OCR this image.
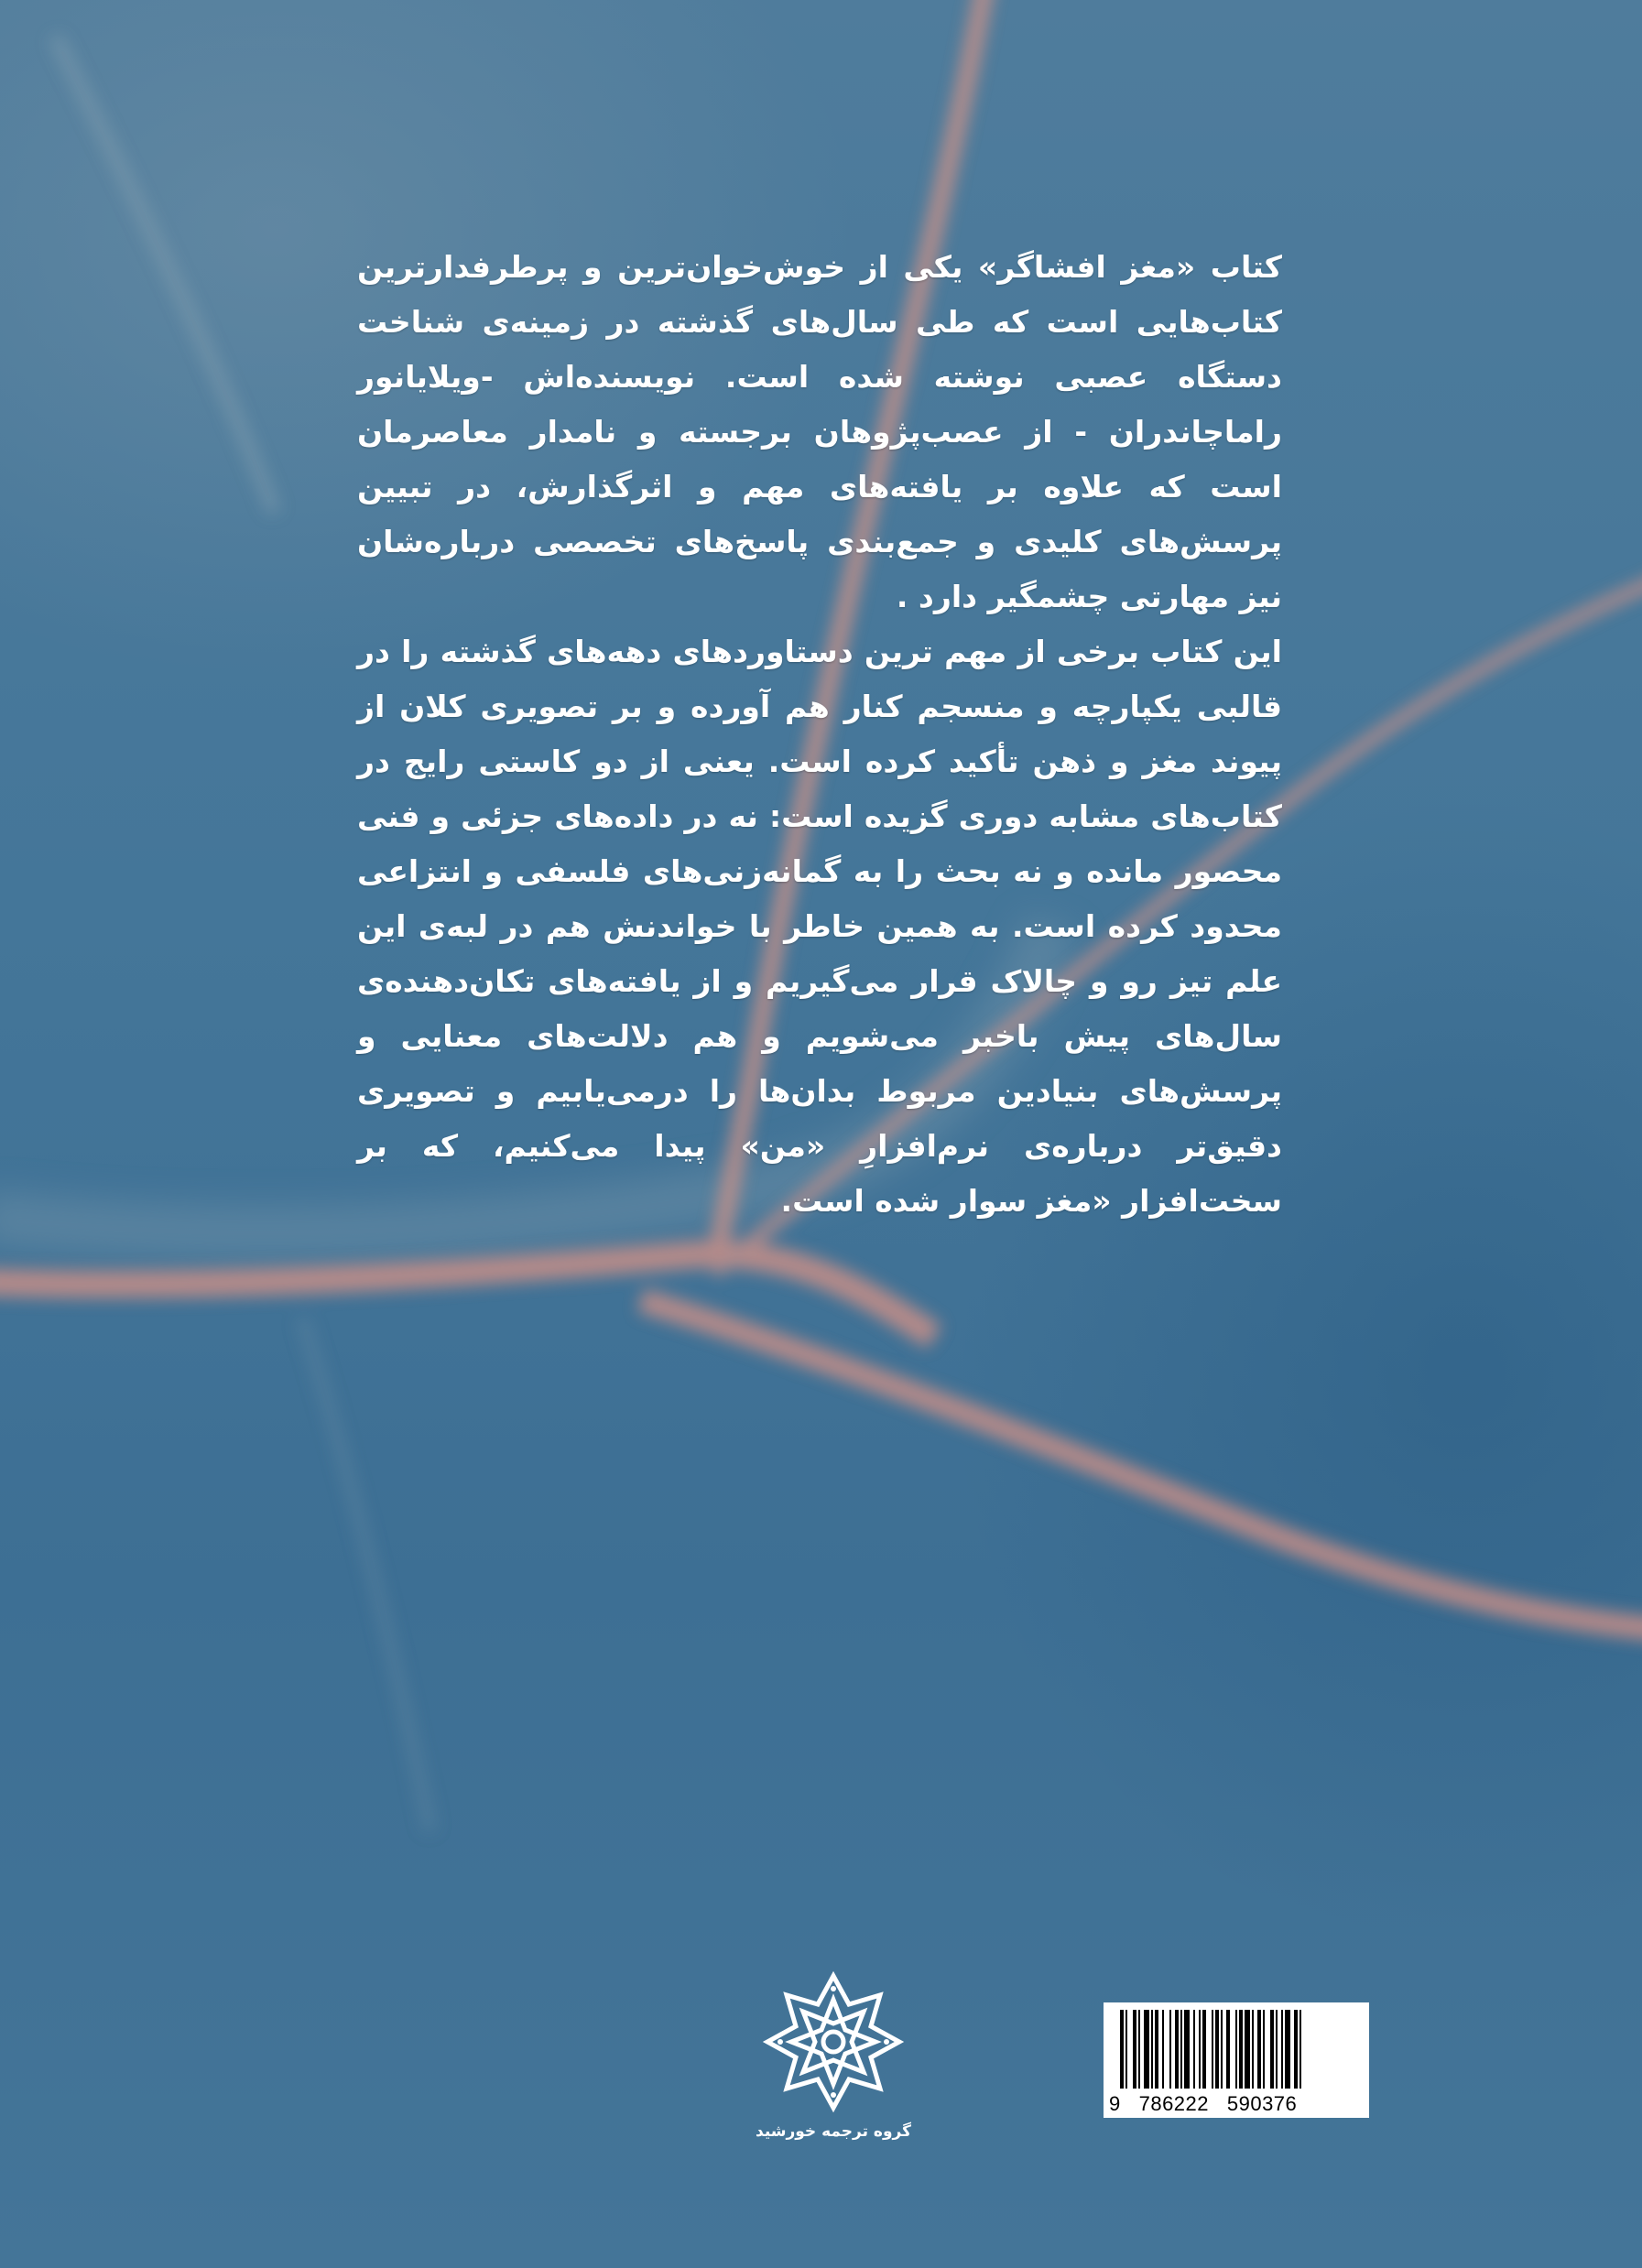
کتاب «مغز افشاگر» یکی از خوش‌خوان‌ترین و پرطرفدارترین کتاب‌هایی است که طی سال‌های گذشته در زمینه‌ی شناخت دستگاه عصبی نوشته شده است. نویسنده‌اش -ویلایانور راماچاندران - از عصب‌پژوهان برجسته و نامدار معاصرمان است که علاوه بر یافته‌های مهم و اثرگذارش، در تبیین پرسش‌های کلیدی و جمع‌بندی پاسخ‌های تخصصی درباره‌شان نیز مهارتی چشمگیر دارد .

این کتاب برخی از مهم ترین دستاوردهای دهه‌های گذشته را در قالبی یکپارچه و منسجم کنار هم آورده و بر تصویری کلان از پیوند مغز و ذهن تأکید کرده است. یعنی از دو کاستی رایج در کتاب‌های مشابه دوری گزیده است: نه در داده‌های جزئی و فنی محصور مانده و نه بحث را به گمانه‌زنی‌های فلسفی و انتزاعی محدود کرده است. به همین خاطر با خواندنش هم در لبه‌ی این علم تیز رو و چالاک قرار می‌گیریم و از یافته‌های تکان‌دهنده‌ی سال‌های پیش باخبر می‌شویم و هم دلالت‌های معنایی و پرسش‌های بنیادین مربوط بدان‌ها را درمی‌یابیم و تصویری دقیق‌تر درباره‌ی نرم‌افزارِ «من» پیدا می‌کنیم، که بر سخت‌افزار «مغز سوار شده است.

گروه ترجمه خورشید
9 786222 590376
